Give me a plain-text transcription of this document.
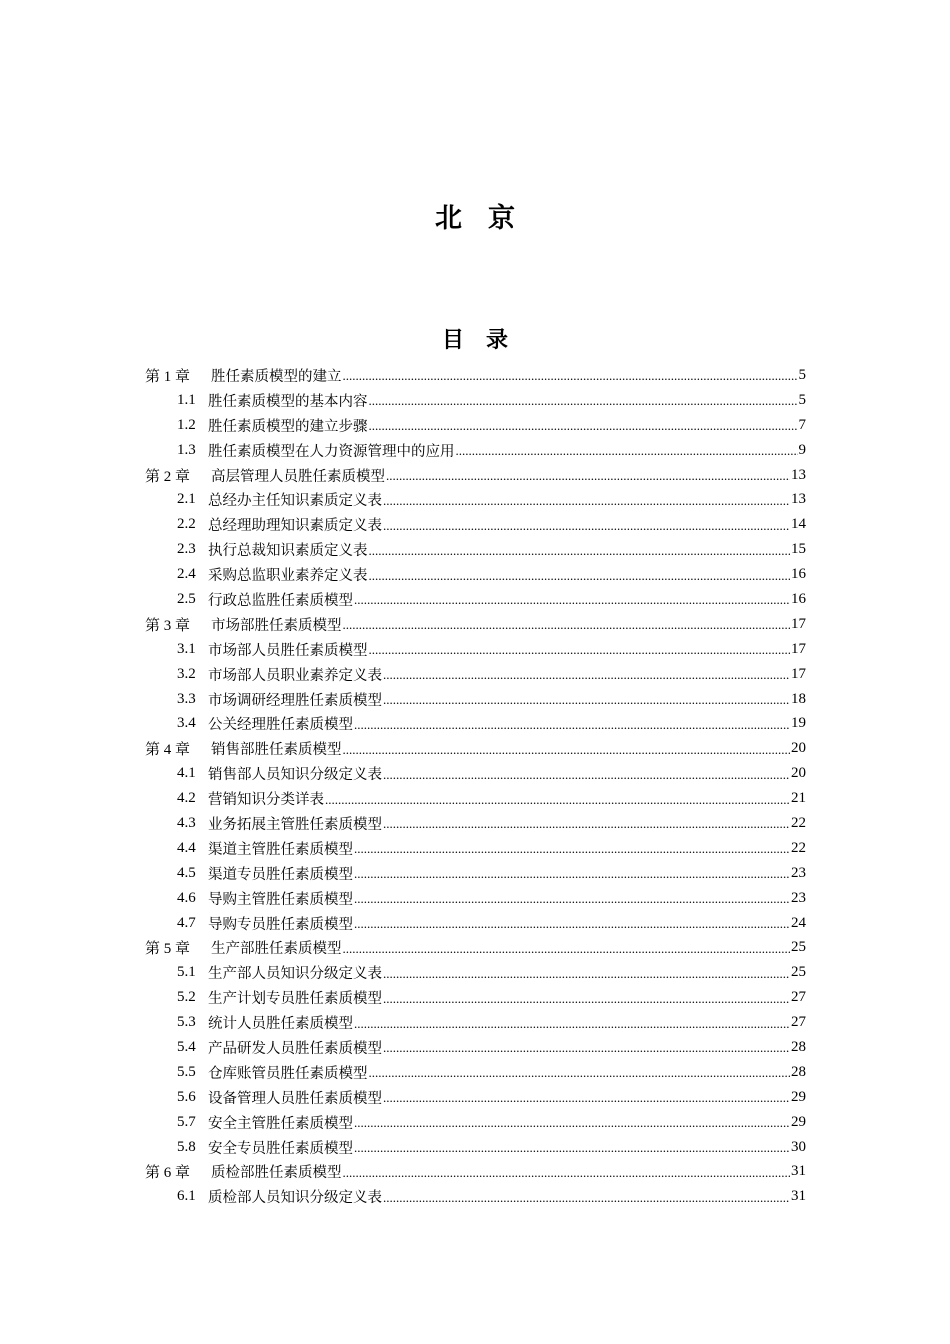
北京
目录
第 1 章	胜任素质模型的建立 .....	5
1.1 胜任素质模型的基本内容 .....	5
1.2 胜任素质模型的建立步骤 .....	7
1.3 胜任素质模型在人力资源管理中的应用 .....	9
第 2 章	高层管理人员胜任素质模型 .....	13
2.1 总经办主任知识素质定义表 .....	13
2.2 总经理助理知识素质定义表 .....	14
2.3 执行总裁知识素质定义表 .....	15
2.4 采购总监职业素养定义表 .....	16
2.5 行政总监胜任素质模型 .....	16
第 3 章	市场部胜任素质模型 .....	17
3.1 市场部人员胜任素质模型 .....	17
3.2 市场部人员职业素养定义表 .....	17
3.3 市场调研经理胜任素质模型 .....	18
3.4 公关经理胜任素质模型 .....	19
第 4 章	销售部胜任素质模型 .....	20
4.1 销售部人员知识分级定义表 .....	20
4.2 营销知识分类详表 .....	21
4.3 业务拓展主管胜任素质模型 .....	22
4.4 渠道主管胜任素质模型 .....	22
4.5 渠道专员胜任素质模型 .....	23
4.6 导购主管胜任素质模型 .....	23
4.7 导购专员胜任素质模型 .....	24
第 5 章	生产部胜任素质模型 .....	25
5.1 生产部人员知识分级定义表 .....	25
5.2 生产计划专员胜任素质模型 .....	27
5.3 统计人员胜任素质模型 .....	27
5.4 产品研发人员胜任素质模型 .....	28
5.5 仓库账管员胜任素质模型 .....	28
5.6 设备管理人员胜任素质模型 .....	29
5.7 安全主管胜任素质模型 .....	29
5.8 安全专员胜任素质模型 .....	30
第 6 章	质检部胜任素质模型 .....	31
6.1 质检部人员知识分级定义表 .....	31
